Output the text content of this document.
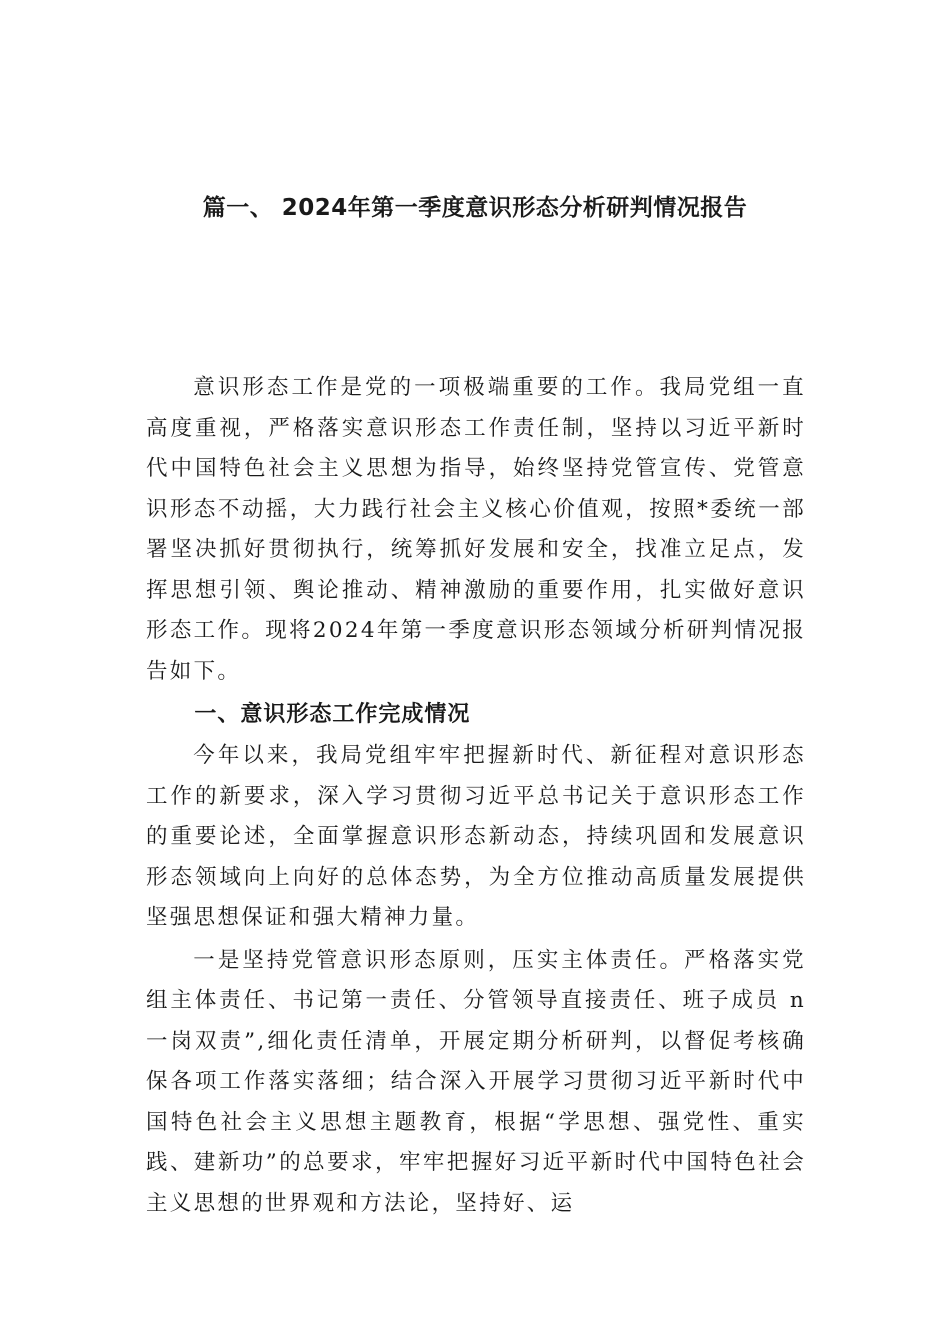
篇一、 2024年第一季度意识形态分析研判情况报告

意识形态工作是党的一项极端重要的工作。我局党组一直高度重视，严格落实意识形态工作责任制，坚持以习近平新时代中国特色社会主义思想为指导，始终坚持党管宣传、党管意识形态不动摇，大力践行社会主义核心价值观，按照*委统一部署坚决抓好贯彻执行，统筹抓好发展和安全，找准立足点，发挥思想引领、舆论推动、精神激励的重要作用，扎实做好意识形态工作。现将2024年第一季度意识形态领域分析研判情况报告如下。

一、意识形态工作完成情况

今年以来，我局党组牢牢把握新时代、新征程对意识形态工作的新要求，深入学习贯彻习近平总书记关于意识形态工作的重要论述，全面掌握意识形态新动态，持续巩固和发展意识形态领域向上向好的总体态势，为全方位推动高质量发展提供坚强思想保证和强大精神力量。

一是坚持党管意识形态原则，压实主体责任。严格落实党组主体责任、书记第一责任、分管领导直接责任、班子成员 n一岗双责”,细化责任清单，开展定期分析研判，以督促考核确保各项工作落实落细；结合深入开展学习贯彻习近平新时代中国特色社会主义思想主题教育，根据“学思想、强党性、重实践、建新功”的总要求，牢牢把握好习近平新时代中国特色社会主义思想的世界观和方法论，坚持好、运
